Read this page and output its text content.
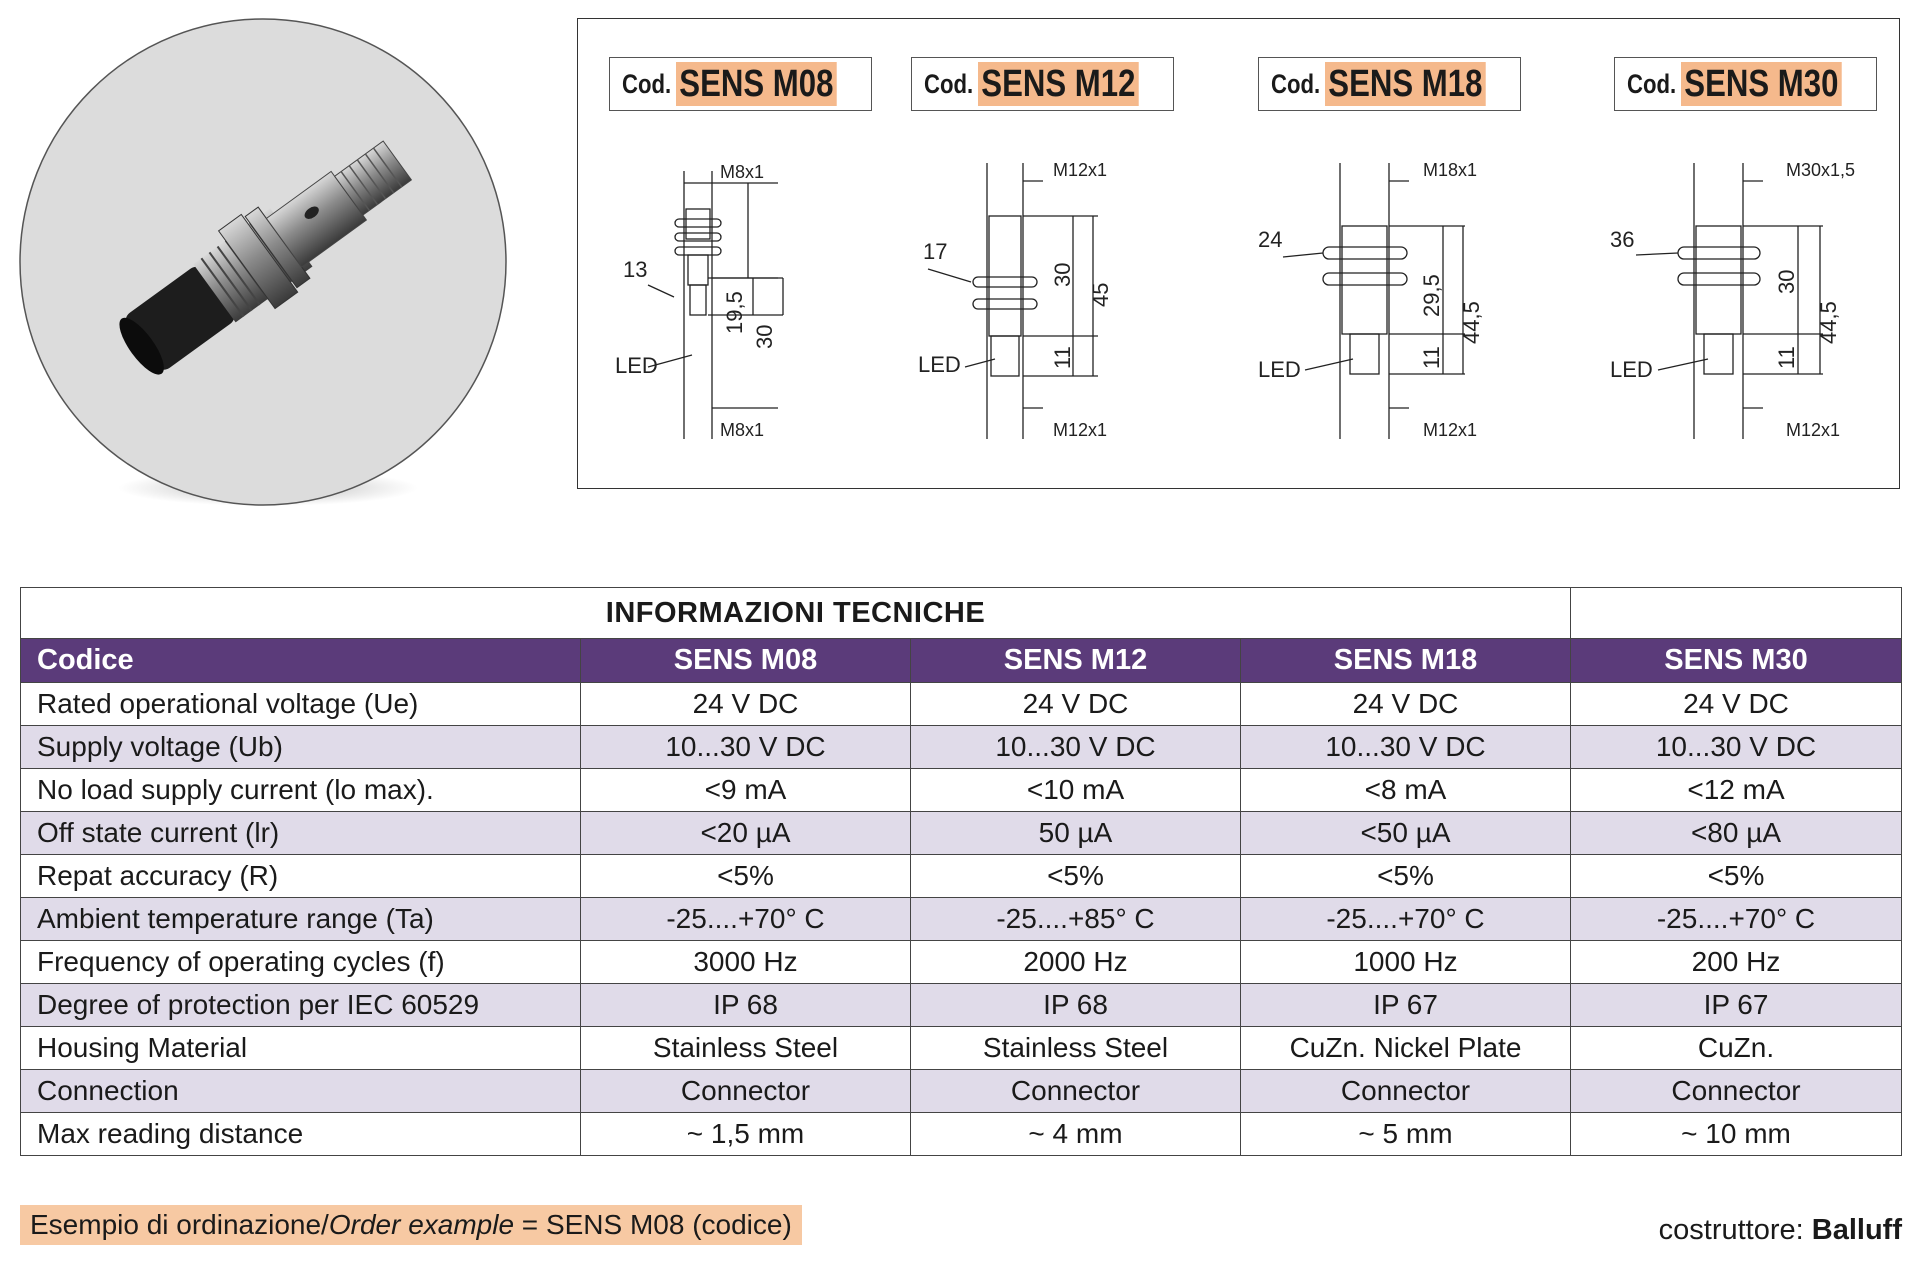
Cod. SENS M08
M8x1
M8x1
13
LED
19,5
30
Cod. SENS M12
M12x1
M12x1
17
LED
30
45
11
Cod. SENS M18
M18x1
M12x1
24
LED
29,5
44,5
11
Cod. SENS M30
M30x1,5
M12x1
36
LED
30
44,5
11
INFORMAZIONI TECNICHE				
Codice	SENS M08	SENS M12	SENS M18	SENS M30
Rated operational voltage (Ue)	24 V DC	24 V DC	24 V DC	24 V DC
Supply voltage (Ub)	10...30 V DC	10...30 V DC	10...30 V DC	10...30 V DC
No load supply current (lo max).	<9 mA	<10 mA	<8 mA	<12 mA
Off state current (lr)	<20 µA	50 µA	<50 µA	<80 µA
Repat accuracy (R)	<5%	<5%	<5%	<5%
Ambient temperature range (Ta)	-25....+70° C	-25....+85° C	-25....+70° C	-25....+70° C
Frequency of operating cycles (f)	3000 Hz	2000 Hz	1000 Hz	200 Hz
Degree of protection per IEC 60529	IP 68	IP 68	IP 67	IP 67
Housing Material	Stainless Steel	Stainless Steel	CuZn. Nickel Plate	CuZn.
Connection	Connector	Connector	Connector	Connector
Max reading distance	~ 1,5 mm	~ 4 mm	~ 5 mm	~ 10 mm
Esempio di ordinazione/Order example = SENS M08 (codice)	costruttore: Balluff
